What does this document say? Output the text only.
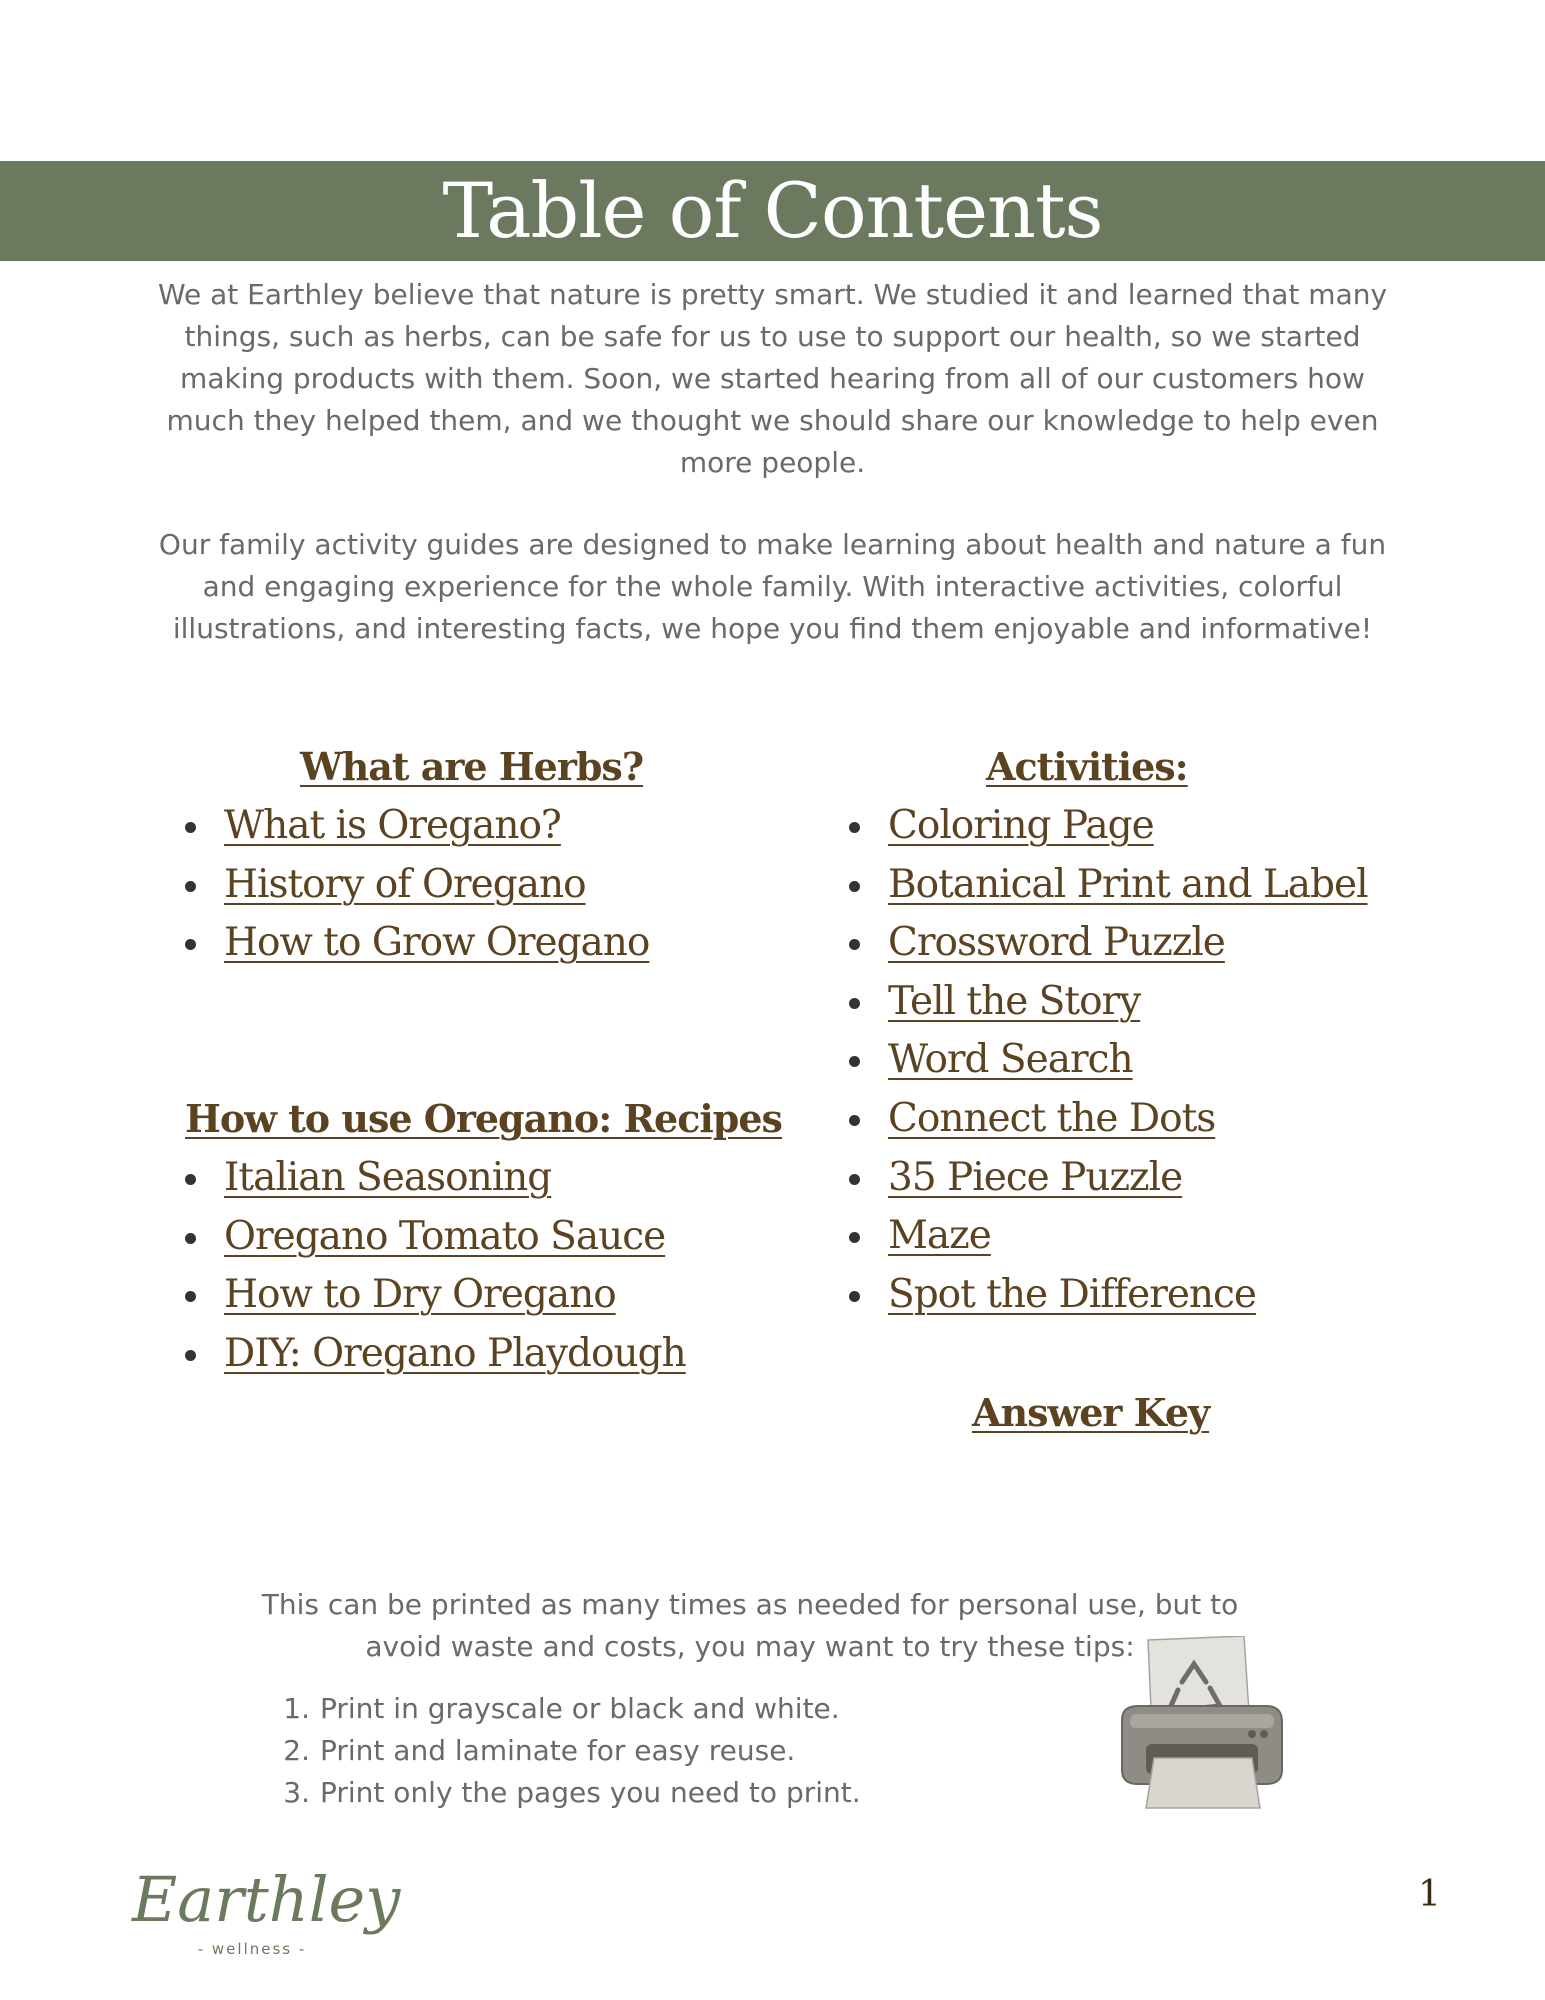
Table of Contents

We at Earthley believe that nature is pretty smart. We studied it and learned that many things, such as herbs, can be safe for us to use to support our health, so we started making products with them. Soon, we started hearing from all of our customers how much they helped them, and we thought we should share our knowledge to help even more people.

Our family activity guides are designed to make learning about health and nature a fun and engaging experience for the whole family. With interactive activities, colorful illustrations, and interesting facts, we hope you find them enjoyable and informative!

What are Herbs?
What is Oregano?
History of Oregano
How to Grow Oregano
How to use Oregano: Recipes
Italian Seasoning
Oregano Tomato Sauce
How to Dry Oregano
DIY: Oregano Playdough
Activities:
Coloring Page
Botanical Print and Label
Crossword Puzzle
Tell the Story
Word Search
Connect the Dots
35 Piece Puzzle
Maze
Spot the Difference
Answer Key

This can be printed as many times as needed for personal use, but to avoid waste and costs, you may want to try these tips:

1. Print in grayscale or black and white.
2. Print and laminate for easy reuse.
3. Print only the pages you need to print.
Earthley
- wellness -
1
